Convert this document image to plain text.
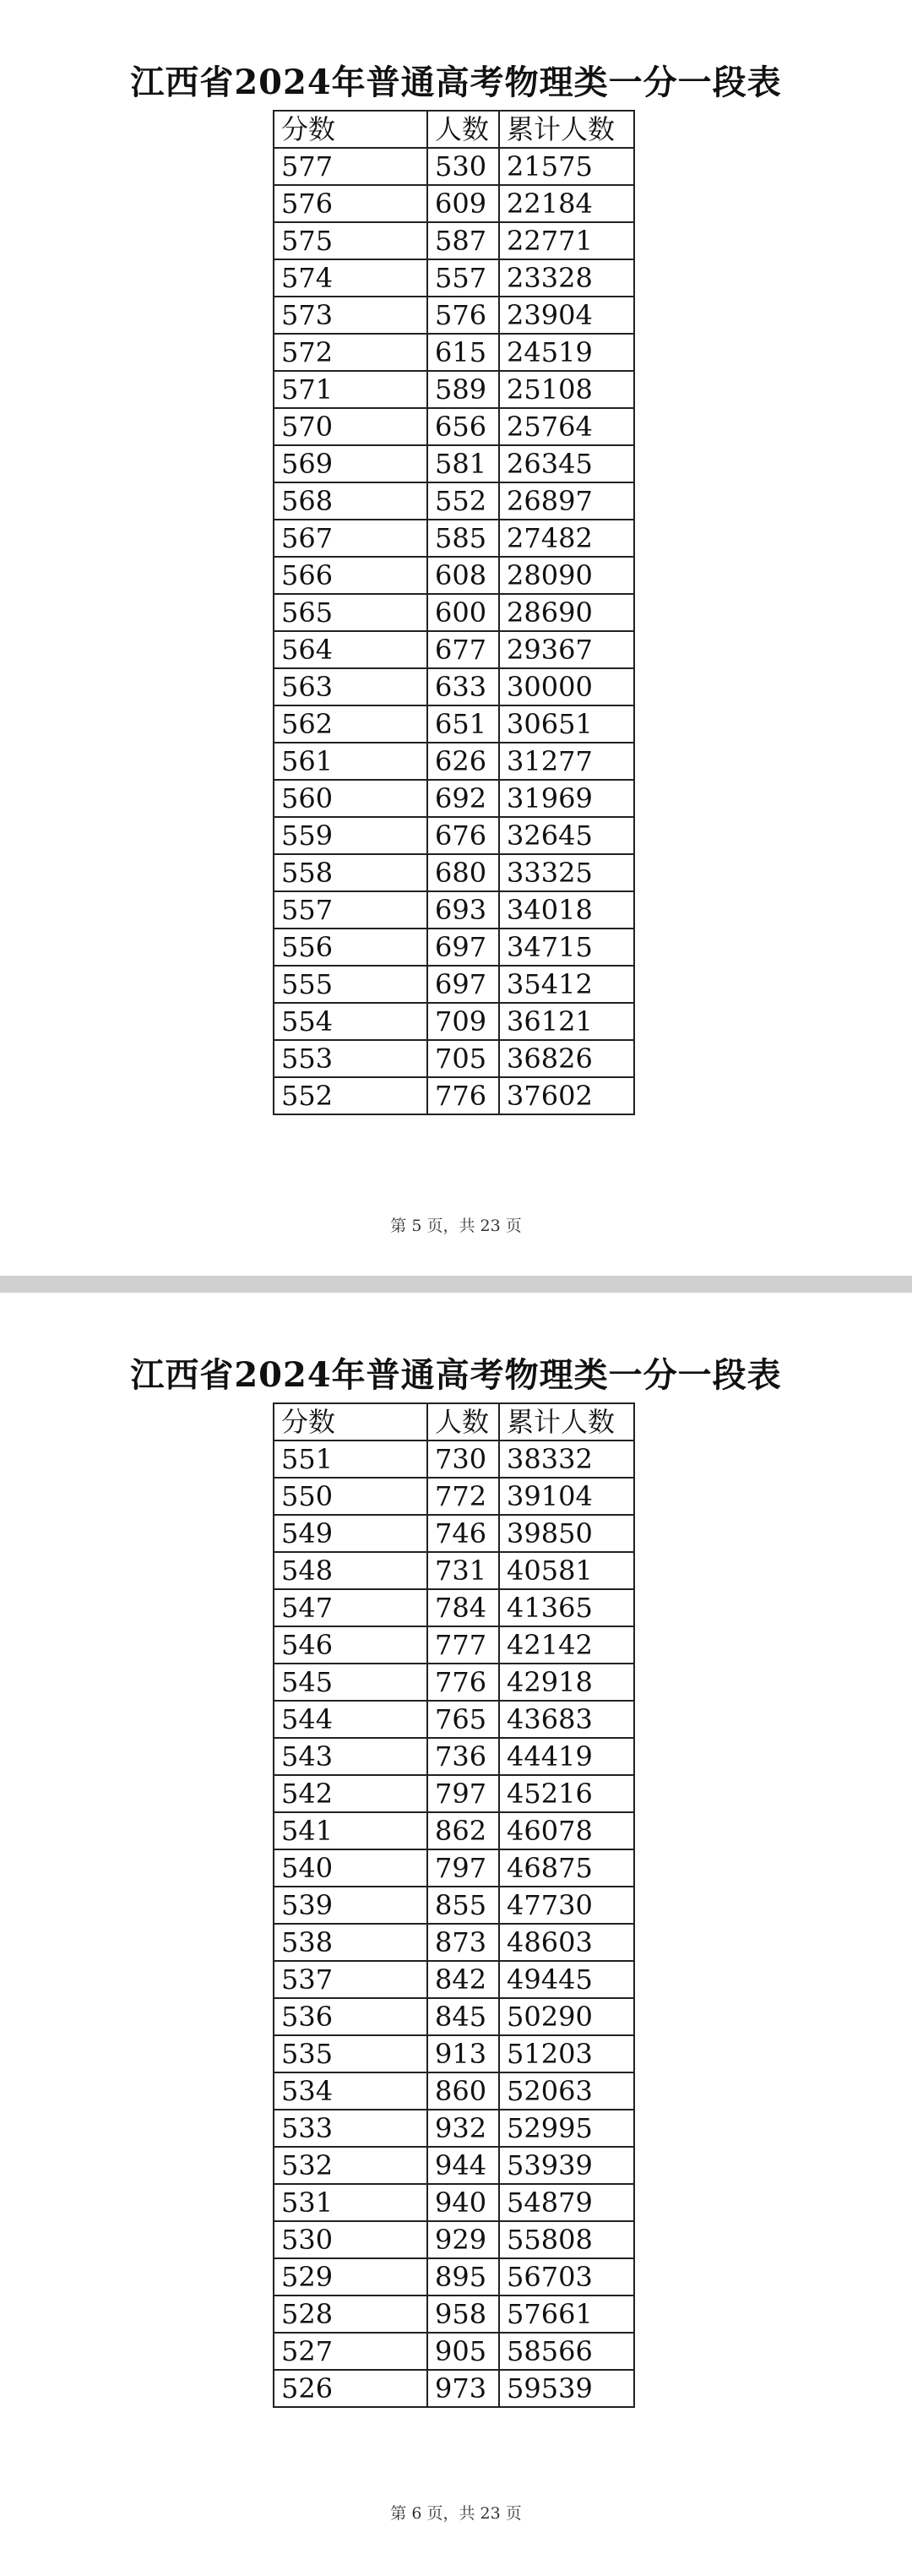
江西省2024年普通高考物理类一分一段表
分数	人数	累计人数
577	530	21575
576	609	22184
575	587	22771
574	557	23328
573	576	23904
572	615	24519
571	589	25108
570	656	25764
569	581	26345
568	552	26897
567	585	27482
566	608	28090
565	600	28690
564	677	29367
563	633	30000
562	651	30651
561	626	31277
560	692	31969
559	676	32645
558	680	33325
557	693	34018
556	697	34715
555	697	35412
554	709	36121
553	705	36826
552	776	37602
第 5 页，共 23 页
江西省2024年普通高考物理类一分一段表
分数	人数	累计人数
551	730	38332
550	772	39104
549	746	39850
548	731	40581
547	784	41365
546	777	42142
545	776	42918
544	765	43683
543	736	44419
542	797	45216
541	862	46078
540	797	46875
539	855	47730
538	873	48603
537	842	49445
536	845	50290
535	913	51203
534	860	52063
533	932	52995
532	944	53939
531	940	54879
530	929	55808
529	895	56703
528	958	57661
527	905	58566
526	973	59539
第 6 页，共 23 页
